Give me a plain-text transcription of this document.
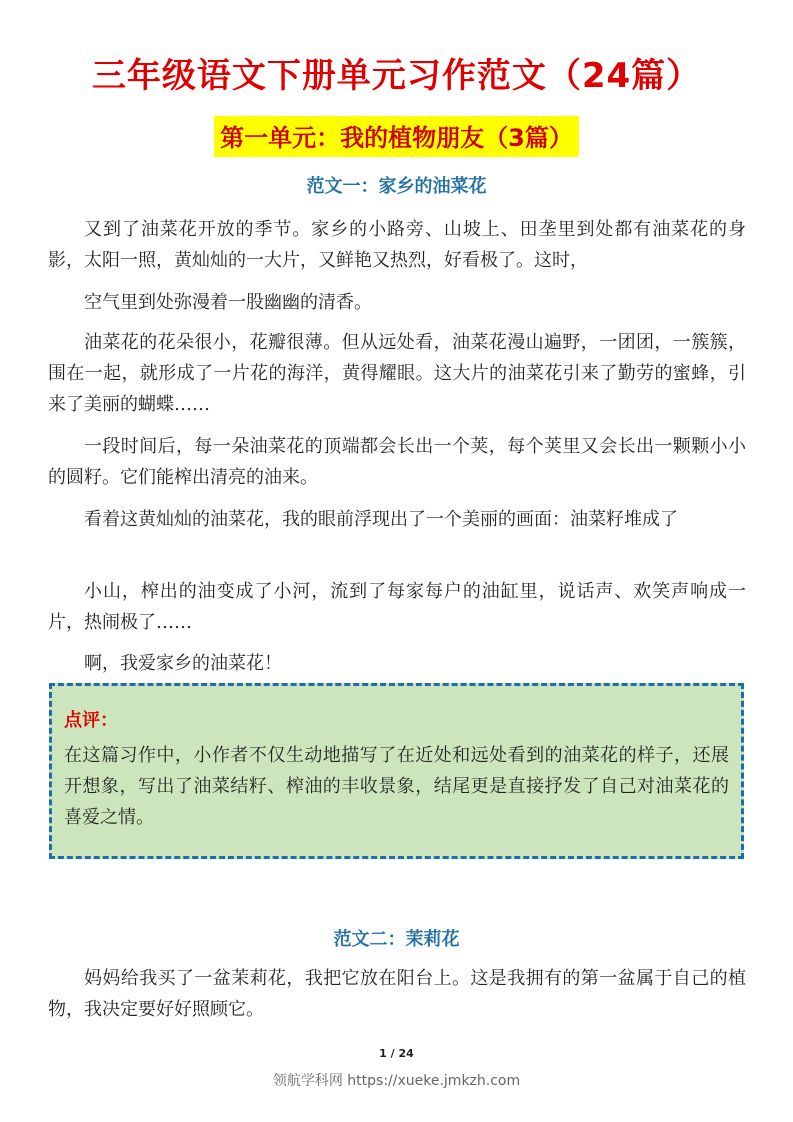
三年级语文下册单元习作范文（24篇）
第一单元：我的植物朋友（3篇）
范文一：家乡的油菜花

又到了油菜花开放的季节。家乡的小路旁、山坡上、田垄里到处都有油菜花的身影，太阳一照，黄灿灿的一大片，又鲜艳又热烈，好看极了。这时，

空气里到处弥漫着一股幽幽的清香。

油菜花的花朵很小，花瓣很薄。但从远处看，油菜花漫山遍野，一团团，一簇簇，围在一起，就形成了一片花的海洋，黄得耀眼。这大片的油菜花引来了勤劳的蜜蜂，引来了美丽的蝴蝶……

一段时间后，每一朵油菜花的顶端都会长出一个荚，每个荚里又会长出一颗颗小小的圆籽。它们能榨出清亮的油来。

看着这黄灿灿的油菜花，我的眼前浮现出了一个美丽的画面：油菜籽堆成了

小山，榨出的油变成了小河，流到了每家每户的油缸里，说话声、欢笑声响成一片，热闹极了……

啊，我爱家乡的油菜花！

点评：

在这篇习作中，小作者不仅生动地描写了在近处和远处看到的油菜花的样子，还展开想象，写出了油菜结籽、榨油的丰收景象，结尾更是直接抒发了自己对油菜花的喜爱之情。

范文二：茉莉花

妈妈给我买了一盆茉莉花，我把它放在阳台上。这是我拥有的第一盆属于自己的植物，我决定要好好照顾它。

1 / 24
领航学科网 https://xueke.jmkzh.com
